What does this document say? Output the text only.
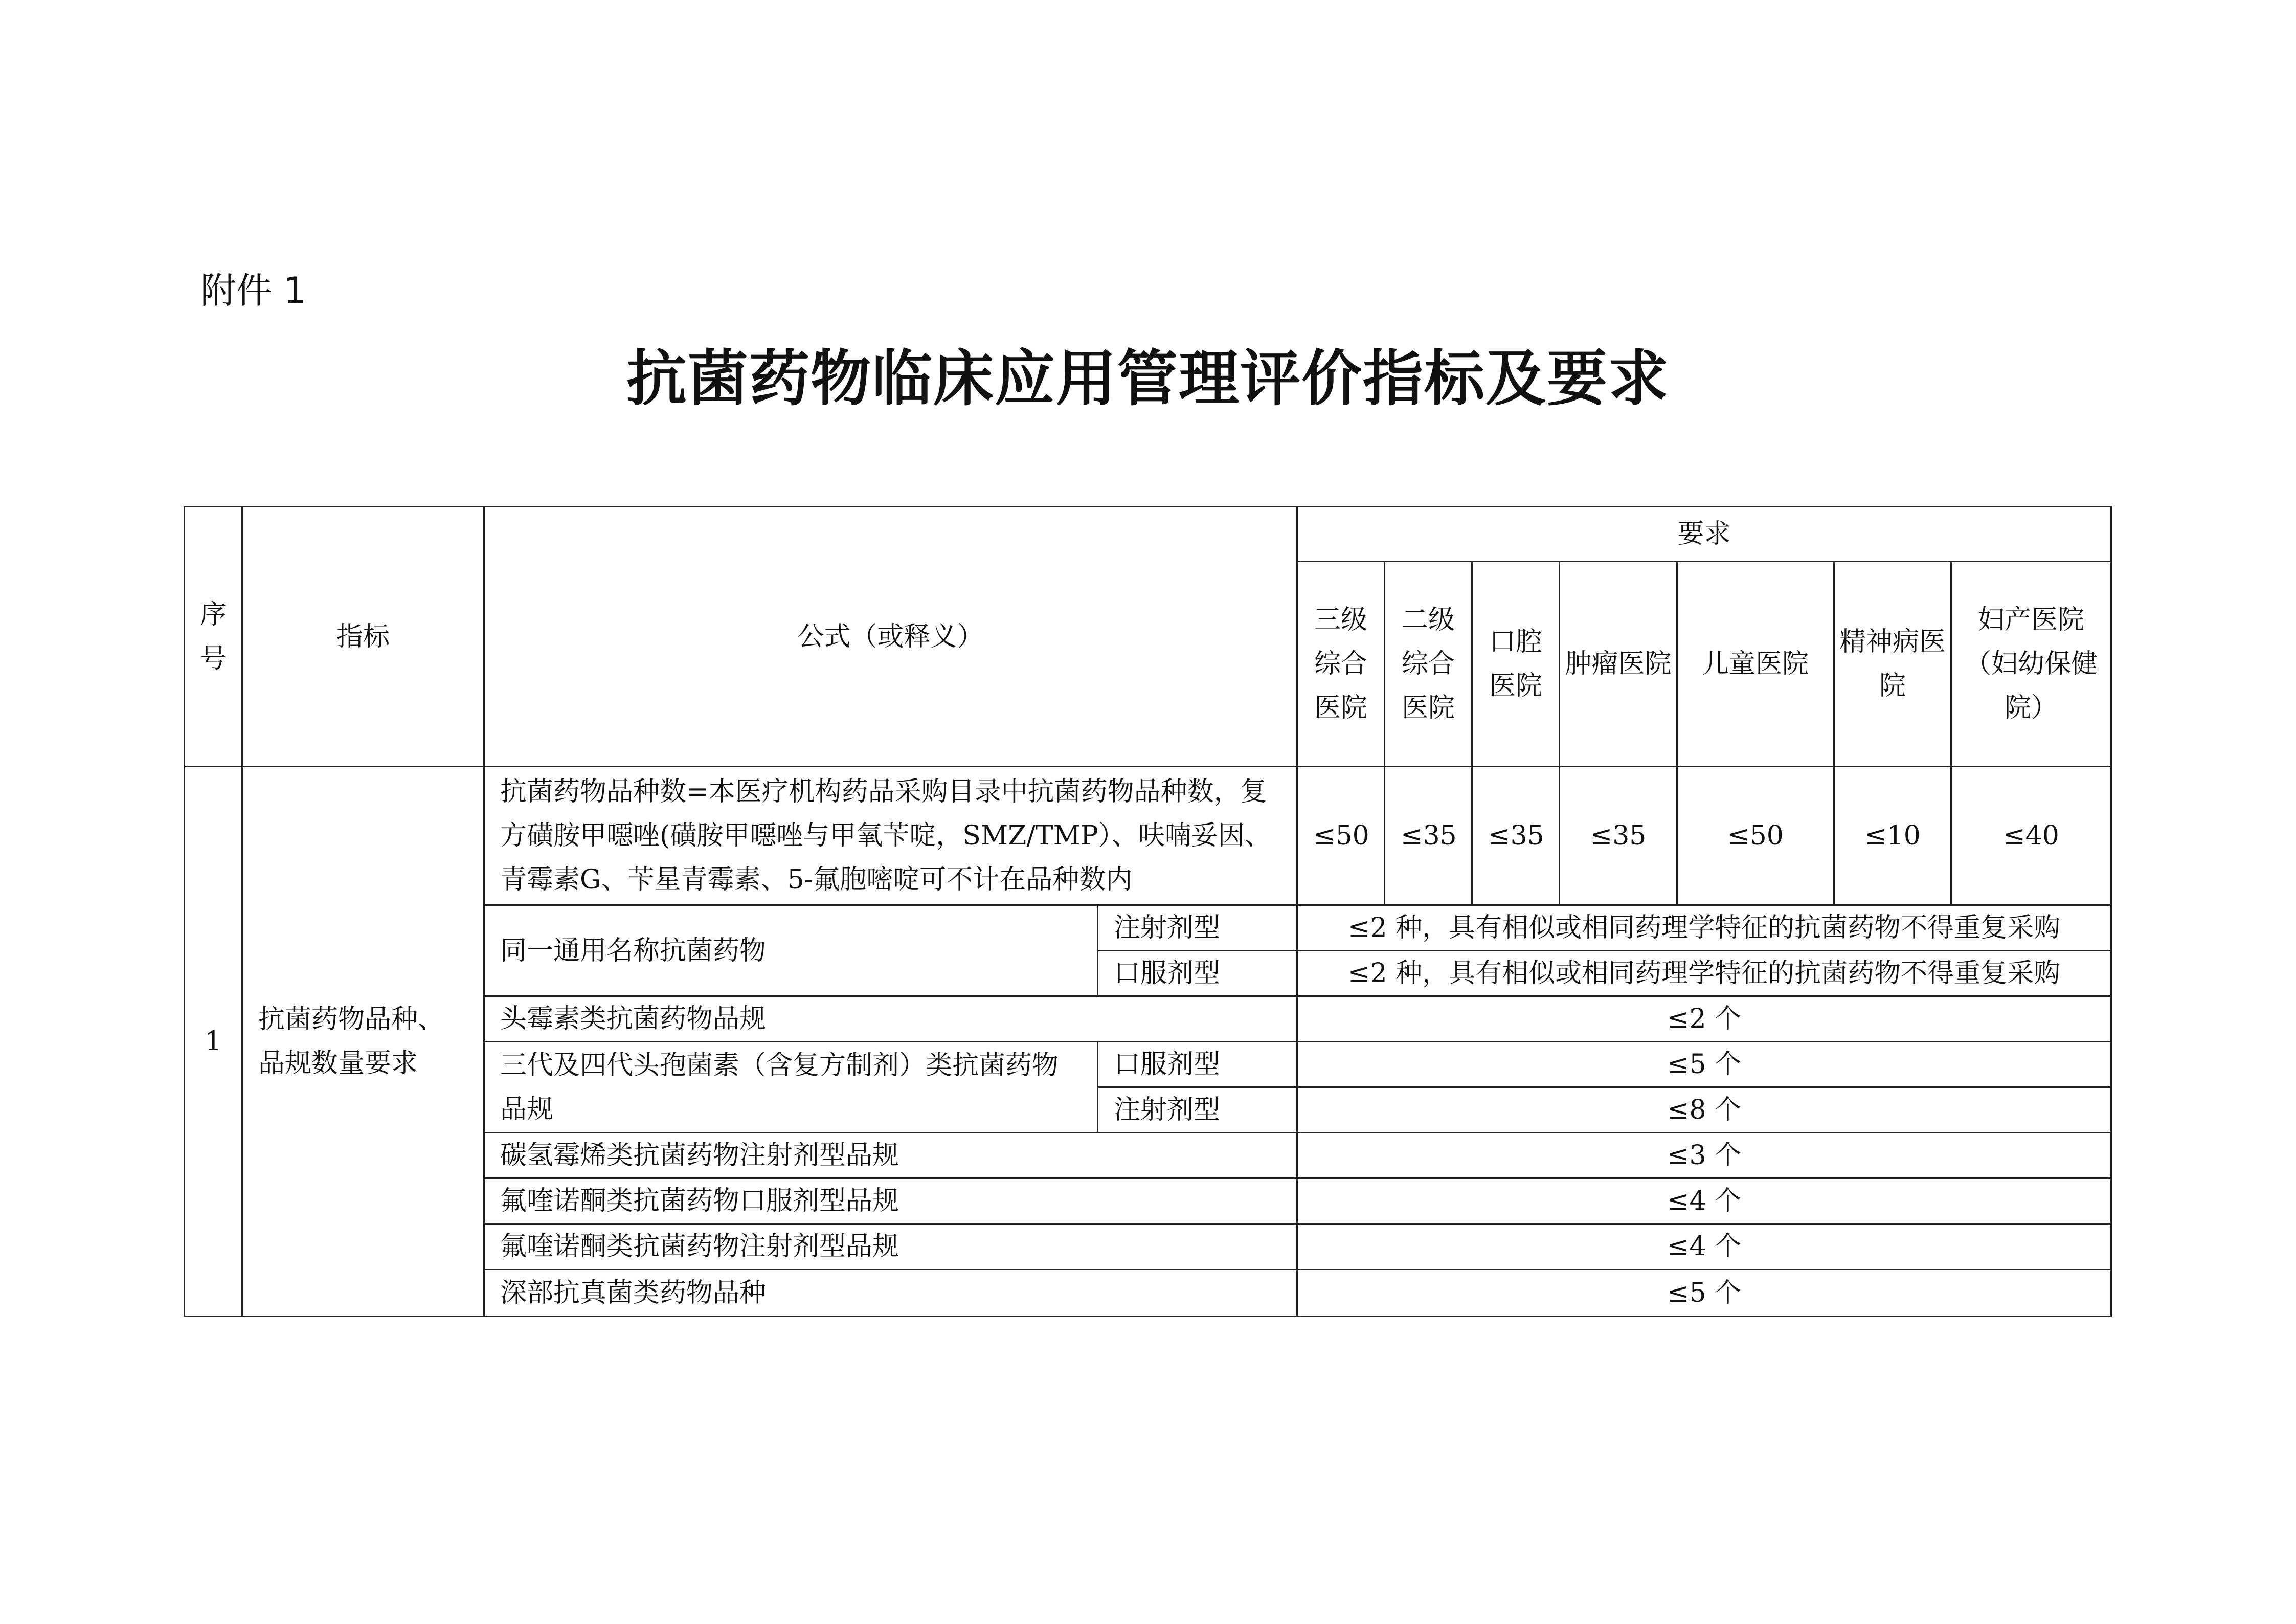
附件 1
抗菌药物临床应用管理评价指标及要求
序号	指标	公式（或释义）		要求						
				三级综合医院	二级综合医院	口腔医院	肿瘤医院	儿童医院	精神病医院	妇产医院（妇幼保健院）
1	抗菌药物品种、品规数量要求	抗菌药物品种数=本医疗机构药品采购目录中抗菌药物品种数，复方磺胺甲噁唑(磺胺甲噁唑与甲氧苄啶，SMZ/TMP）、呋喃妥因、青霉素G、苄星青霉素、5-氟胞嘧啶可不计在品种数内		≤50	≤35	≤35	≤35	≤50	≤10	≤40
		同一通用名称抗菌药物	注射剂型	≤2 种，具有相似或相同药理学特征的抗菌药物不得重复采购						
			口服剂型	≤2 种，具有相似或相同药理学特征的抗菌药物不得重复采购						
		头霉素类抗菌药物品规		≤2 个						
		三代及四代头孢菌素（含复方制剂）类抗菌药物品规	口服剂型	≤5 个						
			注射剂型	≤8 个						
		碳氢霉烯类抗菌药物注射剂型品规		≤3 个						
		氟喹诺酮类抗菌药物口服剂型品规		≤4 个						
		氟喹诺酮类抗菌药物注射剂型品规		≤4 个						
		深部抗真菌类药物品种		≤5 个						
